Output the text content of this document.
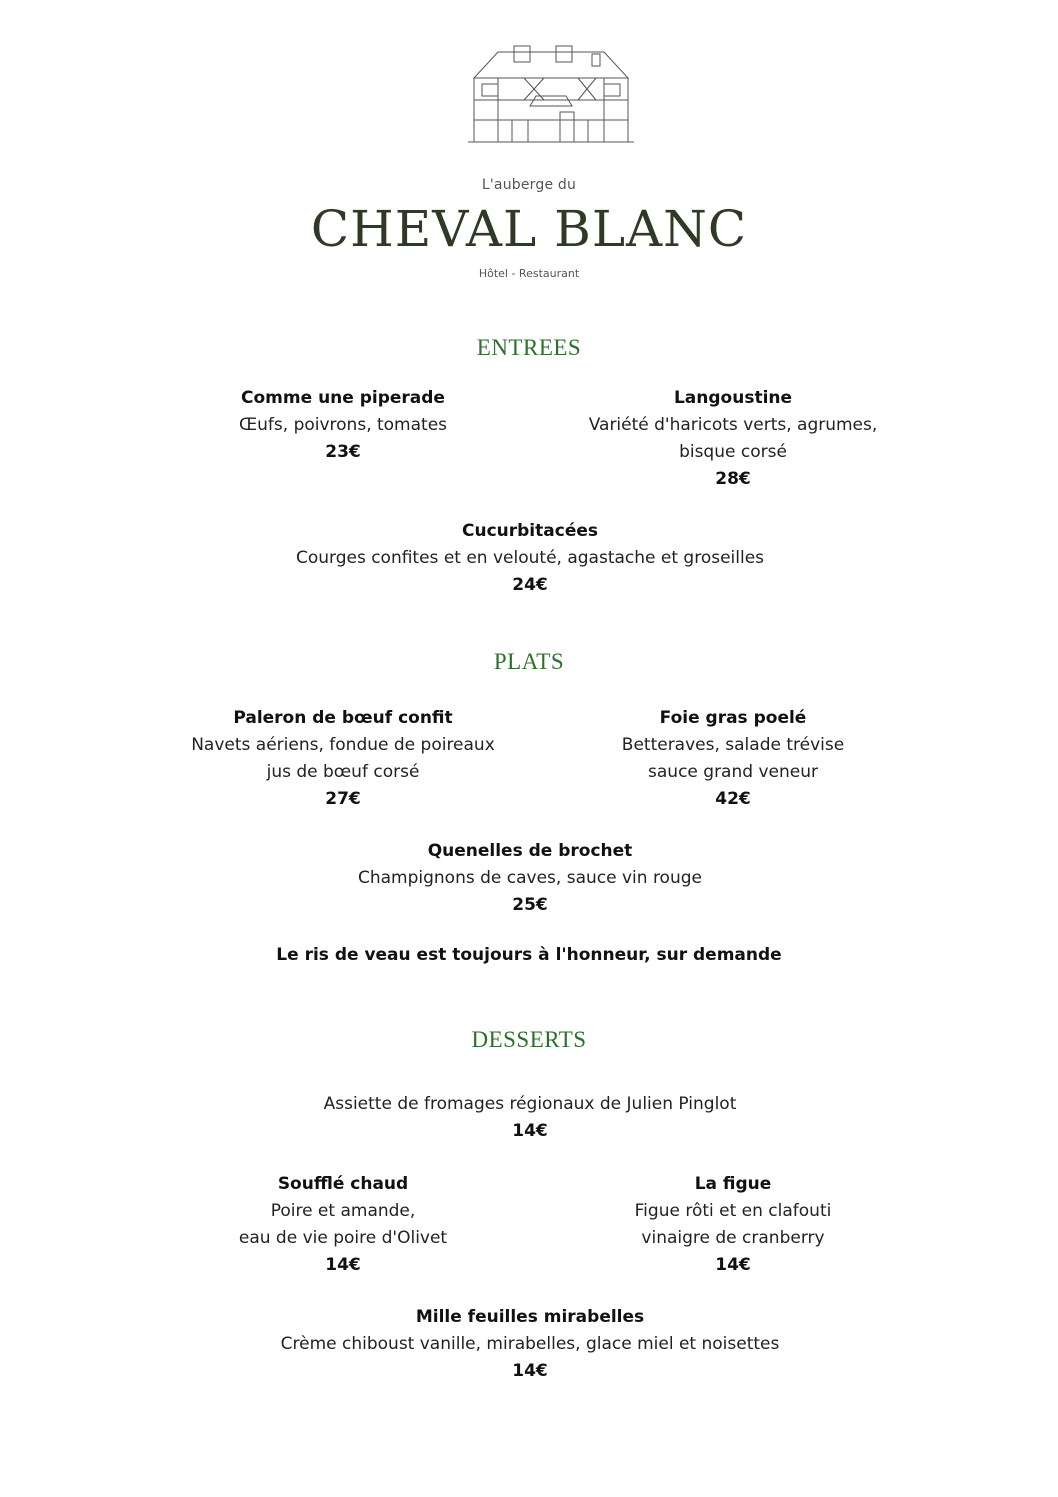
L'auberge du
CHEVAL BLANC
Hôtel - Restaurant
ENTREES
Comme une piperade
Œufs, poivrons, tomates
23€
Langoustine
Variété d'haricots verts, agrumes,
bisque corsé
28€
Cucurbitacées
Courges confites et en velouté, agastache et groseilles
24€
PLATS
Paleron de bœuf confit
Navets aériens, fondue de poireaux
jus de bœuf corsé
27€
Foie gras poelé
Betteraves, salade trévise
sauce grand veneur
42€
Quenelles de brochet
Champignons de caves, sauce vin rouge
25€
Le ris de veau est toujours à l'honneur, sur demande
DESSERTS
Assiette de fromages régionaux de Julien Pinglot
14€
Soufflé chaud
Poire et amande,
eau de vie poire d'Olivet
14€
La figue
Figue rôti et en clafouti
vinaigre de cranberry
14€
Mille feuilles mirabelles
Crème chiboust vanille, mirabelles, glace miel et noisettes
14€
